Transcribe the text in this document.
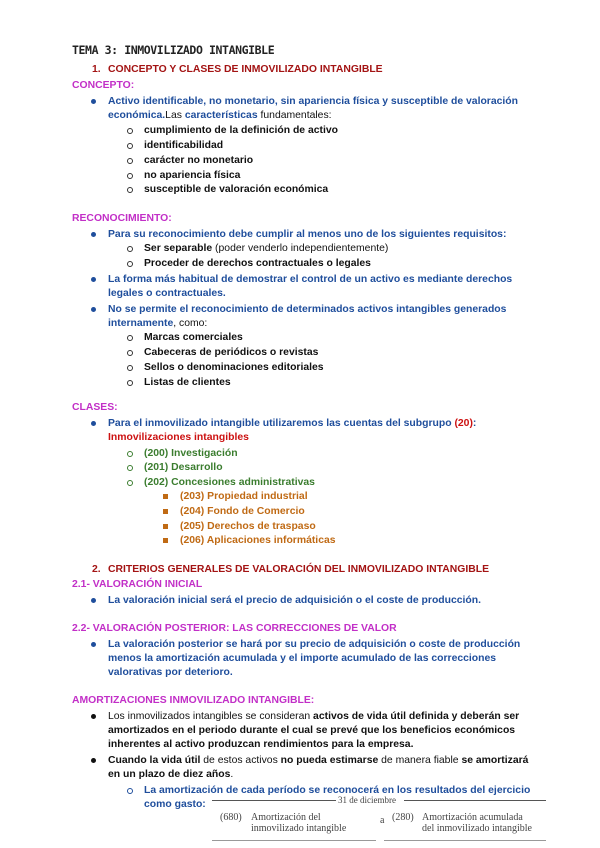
TEMA 3: INMOVILIZADO INTANGIBLE
1. CONCEPTO Y CLASES DE INMOVILIZADO INTANGIBLE
CONCEPTO:
Activo identificable, no monetario, sin apariencia física y susceptible de valoración
económica.Las características fundamentales:
cumplimiento de la definición de activo
identificabilidad
carácter no monetario
no apariencia física
susceptible de valoración económica
RECONOCIMIENTO:
Para su reconocimiento debe cumplir al menos uno de los siguientes requisitos:
Ser separable (poder venderlo independientemente)
Proceder de derechos contractuales o legales
La forma más habitual de demostrar el control de un activo es mediante derechos
legales o contractuales.
No se permite el reconocimiento de determinados activos intangibles generados
internamente, como:
Marcas comerciales
Cabeceras de periódicos o revistas
Sellos o denominaciones editoriales
Listas de clientes
CLASES:
Para el inmovilizado intangible utilizaremos las cuentas del subgrupo (20):
Inmovilizaciones intangibles
(200) Investigación
(201) Desarrollo
(202) Concesiones administrativas
(203) Propiedad industrial
(204) Fondo de Comercio
(205) Derechos de traspaso
(206) Aplicaciones informáticas
2. CRITERIOS GENERALES DE VALORACIÓN DEL INMOVILIZADO INTANGIBLE
2.1- VALORACIÓN INICIAL
La valoración inicial será el precio de adquisición o el coste de producción.
2.2- VALORACIÓN POSTERIOR: LAS CORRECCIONES DE VALOR
La valoración posterior se hará por su precio de adquisición o coste de producción
menos la amortización acumulada y el importe acumulado de las correcciones
valorativas por deterioro.
AMORTIZACIONES INMOVILIZADO INTANGIBLE:
Los inmovilizados intangibles se consideran activos de vida útil definida y deberán ser
amortizados en el periodo durante el cual se prevé que los beneficios económicos
inherentes al activo produzcan rendimientos para la empresa.
Cuando la vida útil de estos activos no pueda estimarse de manera fiable se amortizará
en un plazo de diez años.
La amortización de cada período se reconocerá en los resultados del ejercicio
como gasto:	31 de diciembre
(680) Amortización del
inmovilizado intangible
a (280) Amortización acumulada
del inmovilizado intangible
